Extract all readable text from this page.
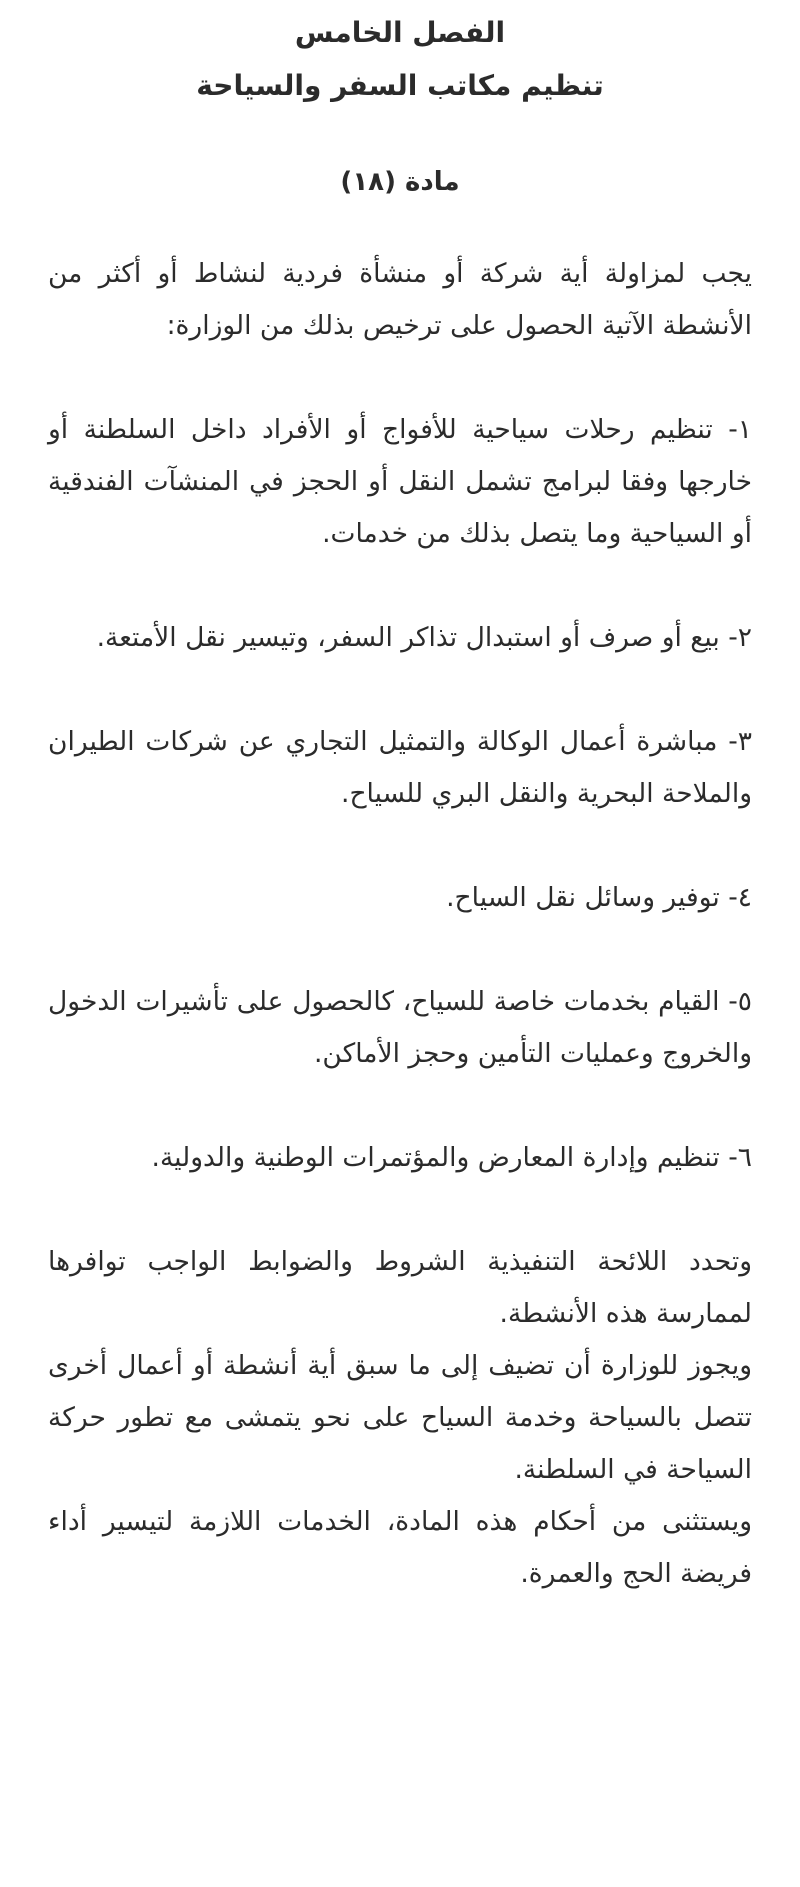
الفصل الخامس
تنظيم مكاتب السفر والسياحة
مادة (١٨)

يجب لمزاولة أية شركة أو منشأة فردية لنشاط أو أكثر من الأنشطة الآتية الحصول على ترخيص بذلك من الوزارة:

١- تنظيم رحلات سياحية للأفواج أو الأفراد داخل السلطنة أو خارجها وفقا لبرامج تشمل النقل أو الحجز في المنشآت الفندقية أو السياحية وما يتصل بذلك من خدمات.

٢- بيع أو صرف أو استبدال تذاكر السفر، وتيسير نقل الأمتعة.

٣- مباشرة أعمال الوكالة والتمثيل التجاري عن شركات الطيران والملاحة البحرية والنقل البري للسياح.

٤- توفير وسائل نقل السياح.

٥- القيام بخدمات خاصة للسياح، كالحصول على تأشيرات الدخول والخروج وعمليات التأمين وحجز الأماكن.

٦- تنظيم وإدارة المعارض والمؤتمرات الوطنية والدولية.

وتحدد اللائحة التنفيذية الشروط والضوابط الواجب توافرها لممارسة هذه الأنشطة.

ويجوز للوزارة أن تضيف إلى ما سبق أية أنشطة أو أعمال أخرى تتصل بالسياحة وخدمة السياح على نحو يتمشى مع تطور حركة السياحة في السلطنة.

ويستثنى من أحكام هذه المادة، الخدمات اللازمة لتيسير أداء فريضة الحج والعمرة.
